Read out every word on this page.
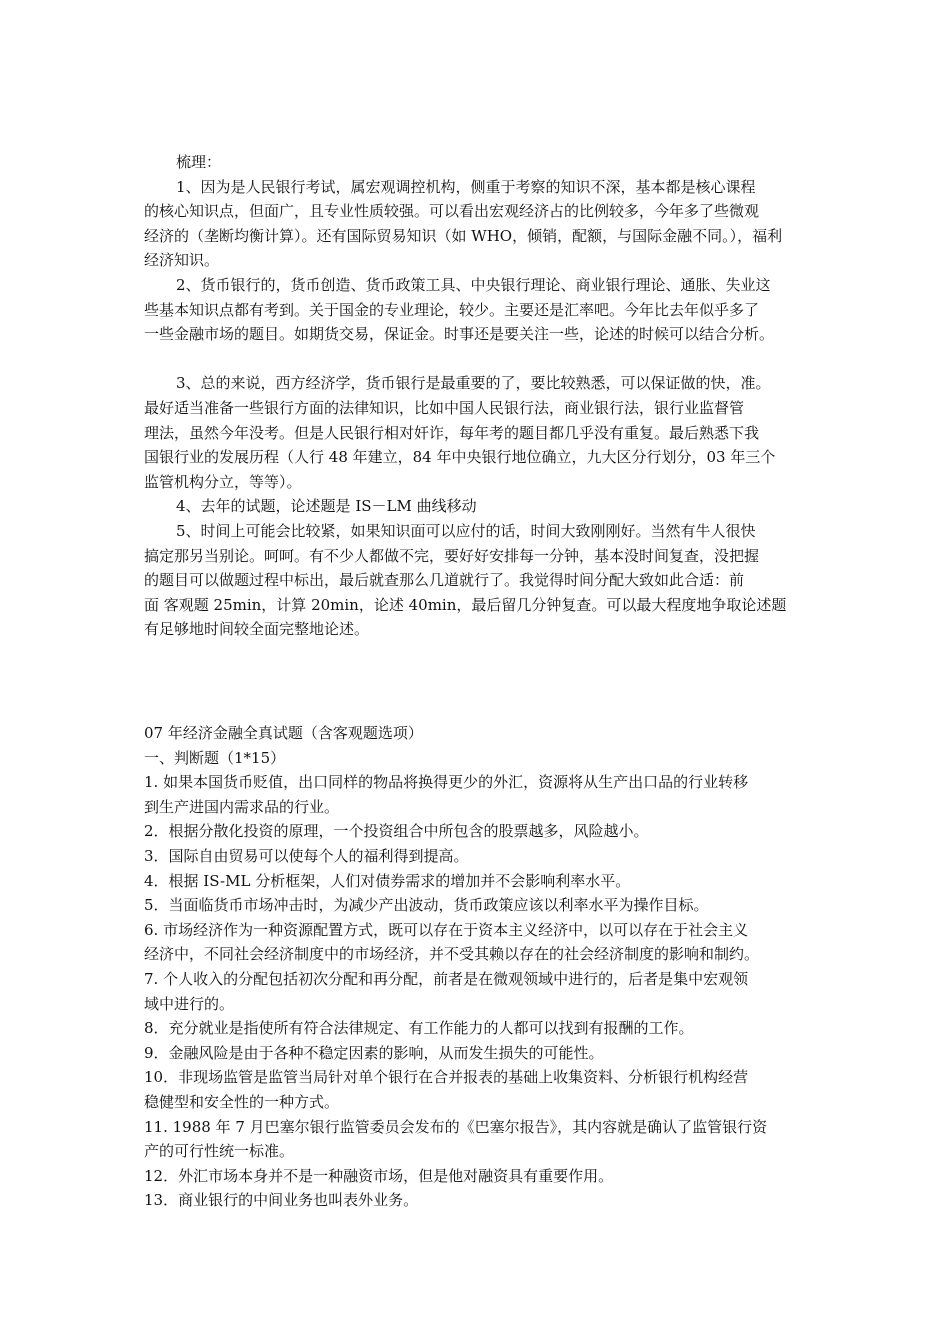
梳理：
1、因为是人民银行考试，属宏观调控机构，侧重于考察的知识不深，基本都是核心课程
的核心知识点，但面广，且专业性质较强。可以看出宏观经济占的比例较多，今年多了些微观
经济的（垄断均衡计算）。还有国际贸易知识（如 WHO，倾销，配额，与国际金融不同。），福利
经济知识。
2、货币银行的，货币创造、货币政策工具、中央银行理论、商业银行理论、通胀、失业这
些基本知识点都有考到。关于国金的专业理论，较少。主要还是汇率吧。今年比去年似乎多了
一些金融市场的题目。如期货交易，保证金。时事还是要关注一些，论述的时候可以结合分析。
3、总的来说，西方经济学，货币银行是最重要的了，要比较熟悉，可以保证做的快，准。
最好适当准备一些银行方面的法律知识，比如中国人民银行法，商业银行法，银行业监督管
理法，虽然今年没考。但是人民银行相对奸诈，每年考的题目都几乎没有重复。最后熟悉下我
国银行业的发展历程（人行 48 年建立，84 年中央银行地位确立，九大区分行划分，03 年三个
监管机构分立，等等）。
4、去年的试题，论述题是 IS－LM 曲线移动
5、时间上可能会比较紧，如果知识面可以应付的话，时间大致刚刚好。当然有牛人很快
搞定那另当别论。呵呵。有不少人都做不完，要好好安排每一分钟，基本没时间复查，没把握
的题目可以做题过程中标出，最后就查那么几道就行了。我觉得时间分配大致如此合适：前
面 客观题 25min，计算 20min，论述 40min，最后留几分钟复查。可以最大程度地争取论述题
有足够地时间较全面完整地论述。
07 年经济金融全真试题（含客观题选项）
一、判断题（1*15）
1. 如果本国货币贬值，出口同样的物品将换得更少的外汇，资源将从生产出口品的行业转移
到生产进国内需求品的行业。
2．根据分散化投资的原理，一个投资组合中所包含的股票越多，风险越小。
3．国际自由贸易可以使每个人的福利得到提高。
4．根据 IS-ML 分析框架，人们对债券需求的增加并不会影响利率水平。
5．当面临货币市场冲击时，为减少产出波动，货币政策应该以利率水平为操作目标。
6. 市场经济作为一种资源配置方式，既可以存在于资本主义经济中，以可以存在于社会主义
经济中，不同社会经济制度中的市场经济，并不受其赖以存在的社会经济制度的影响和制约。
7. 个人收入的分配包括初次分配和再分配，前者是在微观领域中进行的，后者是集中宏观领
域中进行的。
8．充分就业是指使所有符合法律规定、有工作能力的人都可以找到有报酬的工作。
9．金融风险是由于各种不稳定因素的影响，从而发生损失的可能性。
10．非现场监管是监管当局针对单个银行在合并报表的基础上收集资料、分析银行机构经营
稳健型和安全性的一种方式。
11. 1988 年 7 月巴塞尔银行监管委员会发布的《巴塞尔报告》，其内容就是确认了监管银行资
产的可行性统一标准。
12．外汇市场本身并不是一种融资市场，但是他对融资具有重要作用。
13．商业银行的中间业务也叫表外业务。
